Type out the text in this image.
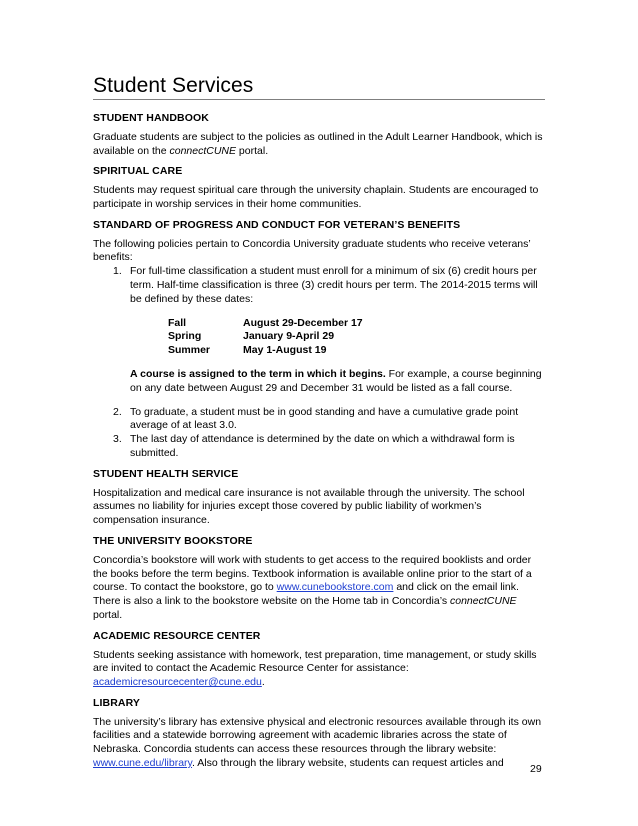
Student Services
STUDENT HANDBOOK
Graduate students are subject to the policies as outlined in the Adult Learner Handbook, which is available on the connectCUNE portal.
SPIRITUAL CARE
Students may request spiritual care through the university chaplain. Students are encouraged to participate in worship services in their home communities.
STANDARD OF PROGRESS AND CONDUCT FOR VETERAN’S BENEFITS
The following policies pertain to Concordia University graduate students who receive veterans’ benefits:
1. For full-time classification a student must enroll for a minimum of six (6) credit hours per term. Half-time classification is three (3) credit hours per term. The 2014-2015 terms will be defined by these dates:
Fall	August 29-December 17
Spring	January 9-April 29
Summer	May 1-August 19
A course is assigned to the term in which it begins. For example, a course beginning on any date between August 29 and December 31 would be listed as a fall course.
2. To graduate, a student must be in good standing and have a cumulative grade point average of at least 3.0.
3. The last day of attendance is determined by the date on which a withdrawal form is submitted.
STUDENT HEALTH SERVICE
Hospitalization and medical care insurance is not available through the university. The school assumes no liability for injuries except those covered by public liability of workmen’s compensation insurance.
THE UNIVERSITY BOOKSTORE
Concordia’s bookstore will work with students to get access to the required booklists and order the books before the term begins. Textbook information is available online prior to the start of a course. To contact the bookstore, go to www.cunebookstore.com and click on the email link. There is also a link to the bookstore website on the Home tab in Concordia’s connectCUNE portal.
ACADEMIC RESOURCE CENTER
Students seeking assistance with homework, test preparation, time management, or study skills are invited to contact the Academic Resource Center for assistance: academicresourcecenter@cune.edu.
LIBRARY
The university’s library has extensive physical and electronic resources available through its own facilities and a statewide borrowing agreement with academic libraries across the state of Nebraska. Concordia students can access these resources through the library website: www.cune.edu/library. Also through the library website, students can request articles and	29
